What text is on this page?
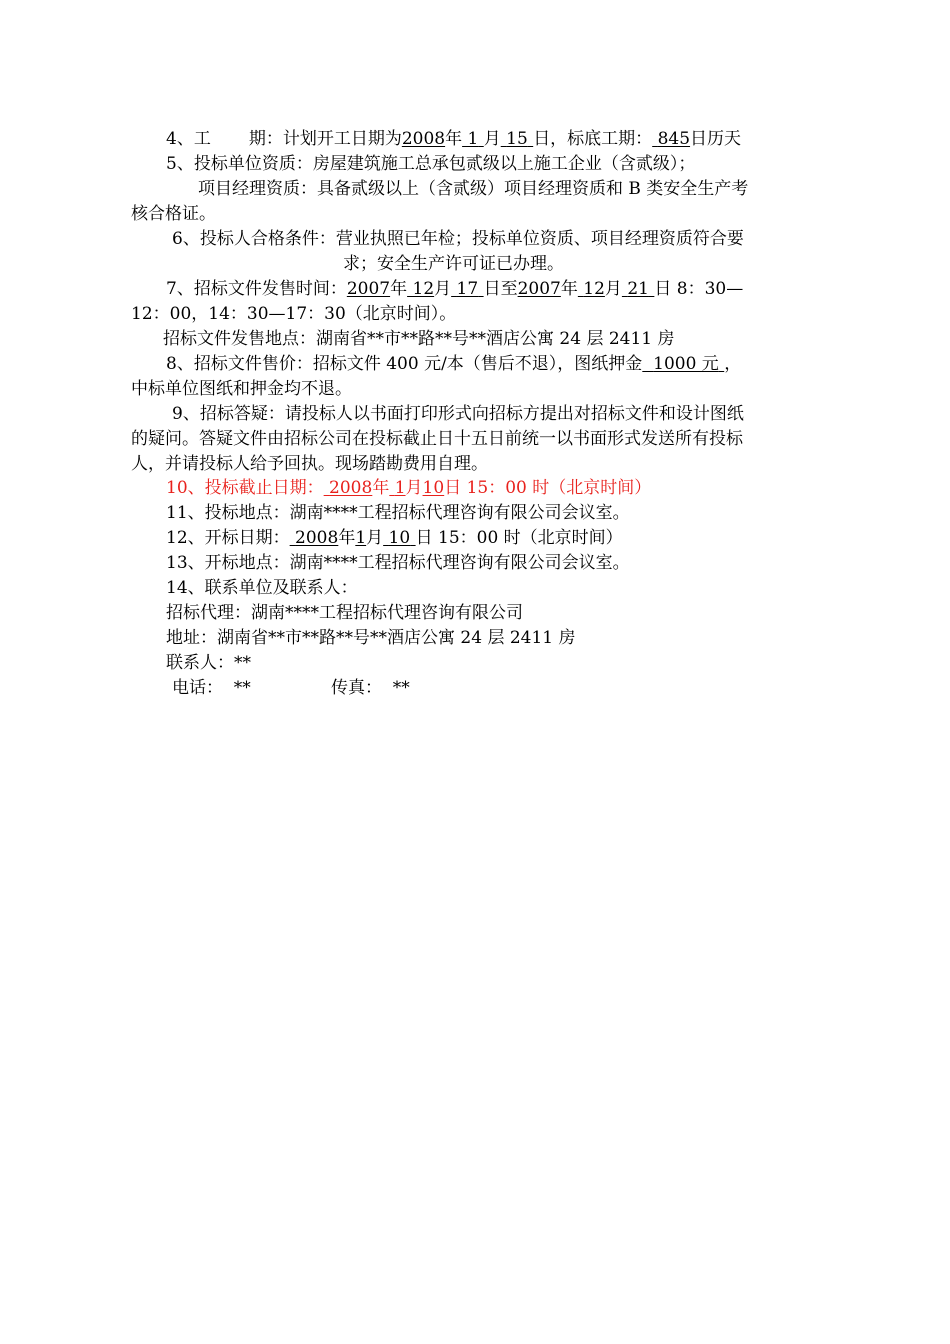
4、工 期：计划开工日期为2008年 1 月 15 日，标底工期： 845日历天
5、投标单位资质：房屋建筑施工总承包贰级以上施工企业（含贰级）；
项目经理资质：具备贰级以上（含贰级）项目经理资质和 B 类安全生产考
核合格证。
6、投标人合格条件：营业执照已年检；投标单位资质、项目经理资质符合要
求；安全生产许可证已办理。
7、招标文件发售时间：2007年 12月 17 日至2007年 12月 21 日 8：30—
12：00，14：30—17：30（北京时间）。
招标文件发售地点：湖南省**市**路**号**酒店公寓 24 层 2411 房
8、招标文件售价：招标文件 400 元/本（售后不退），图纸押金 1000 元 ，
中标单位图纸和押金均不退。
9、招标答疑：请投标人以书面打印形式向招标方提出对招标文件和设计图纸
的疑问。答疑文件由招标公司在投标截止日十五日前统一以书面形式发送所有投标
人，并请投标人给予回执。现场踏勘费用自理。
10、投标截止日期： 2008年 1月10日 15：00 时（北京时间）
11、投标地点：湖南****工程招标代理咨询有限公司会议室。
12、开标日期： 2008年1月 10 日 15：00 时（北京时间）
13、开标地点：湖南****工程招标代理咨询有限公司会议室。
14、联系单位及联系人：
招标代理：湖南****工程招标代理咨询有限公司
地址：湖南省**市**路**号**酒店公寓 24 层 2411 房
联系人：**
电话：  **	传真：  **
